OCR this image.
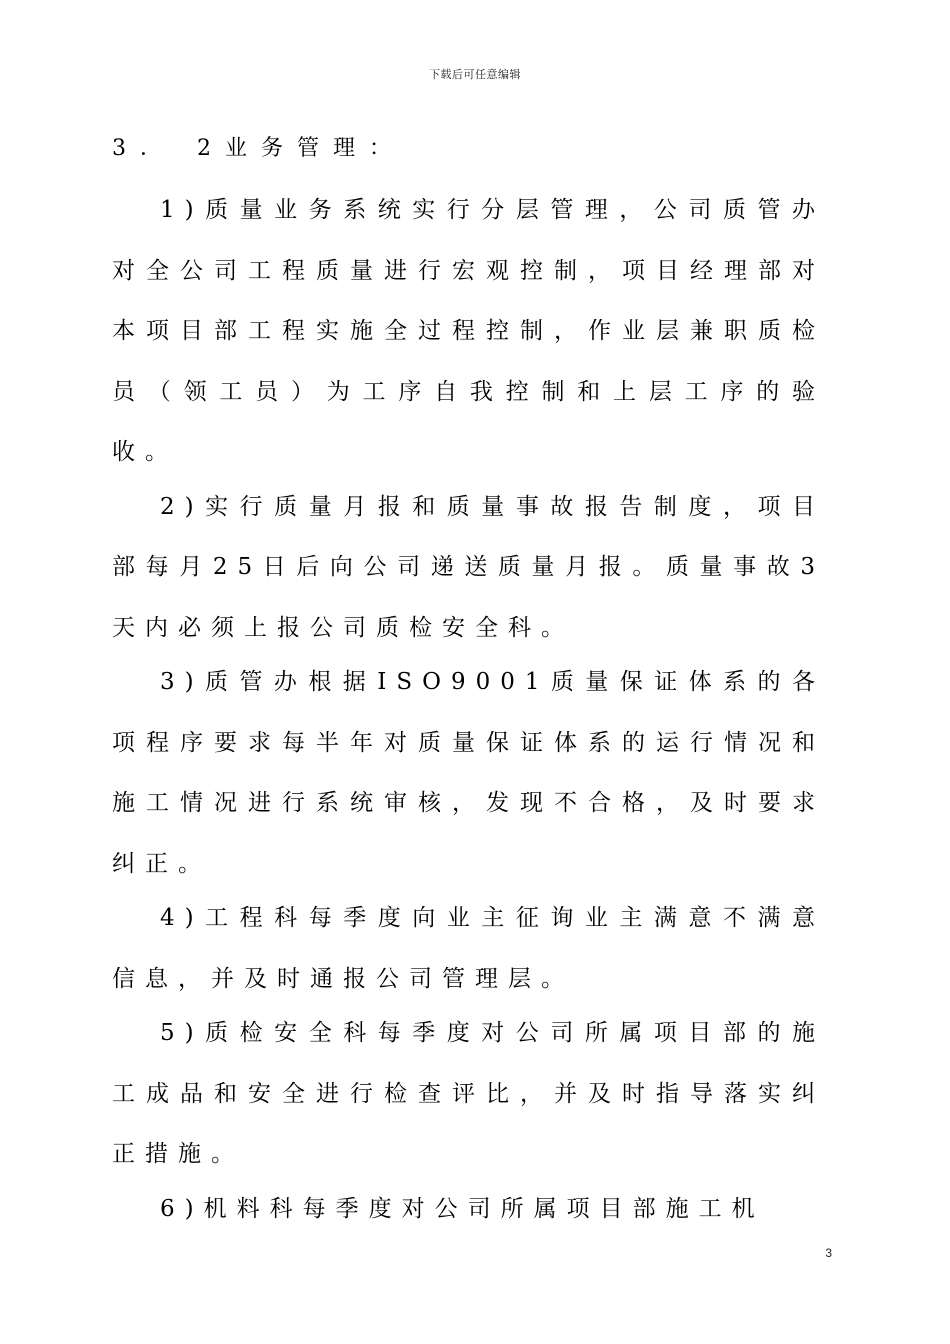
下载后可任意编辑
3． 2业务管理：

1)质量业务系统实行分层管理，公司质管办对全公司工程质量进行宏观控制，项目经理部对本项目部工程实施全过程控制，作业层兼职质检员（领工员）为工序自我控制和上层工序的验收。

2)实行质量月报和质量事故报告制度，项目部每月25日后向公司递送质量月报。质量事故3天内必须上报公司质检安全科。

3)质管办根据ISO9001质量保证体系的各项程序要求每半年对质量保证体系的运行情况和施工情况进行系统审核，发现不合格，及时要求纠正。

4)工程科每季度向业主征询业主满意不满意信息，并及时通报公司管理层。

5)质检安全科每季度对公司所属项目部的施工成品和安全进行检查评比，并及时指导落实纠正措施。

6)机料科每季度对公司所属项目部施工机

3
